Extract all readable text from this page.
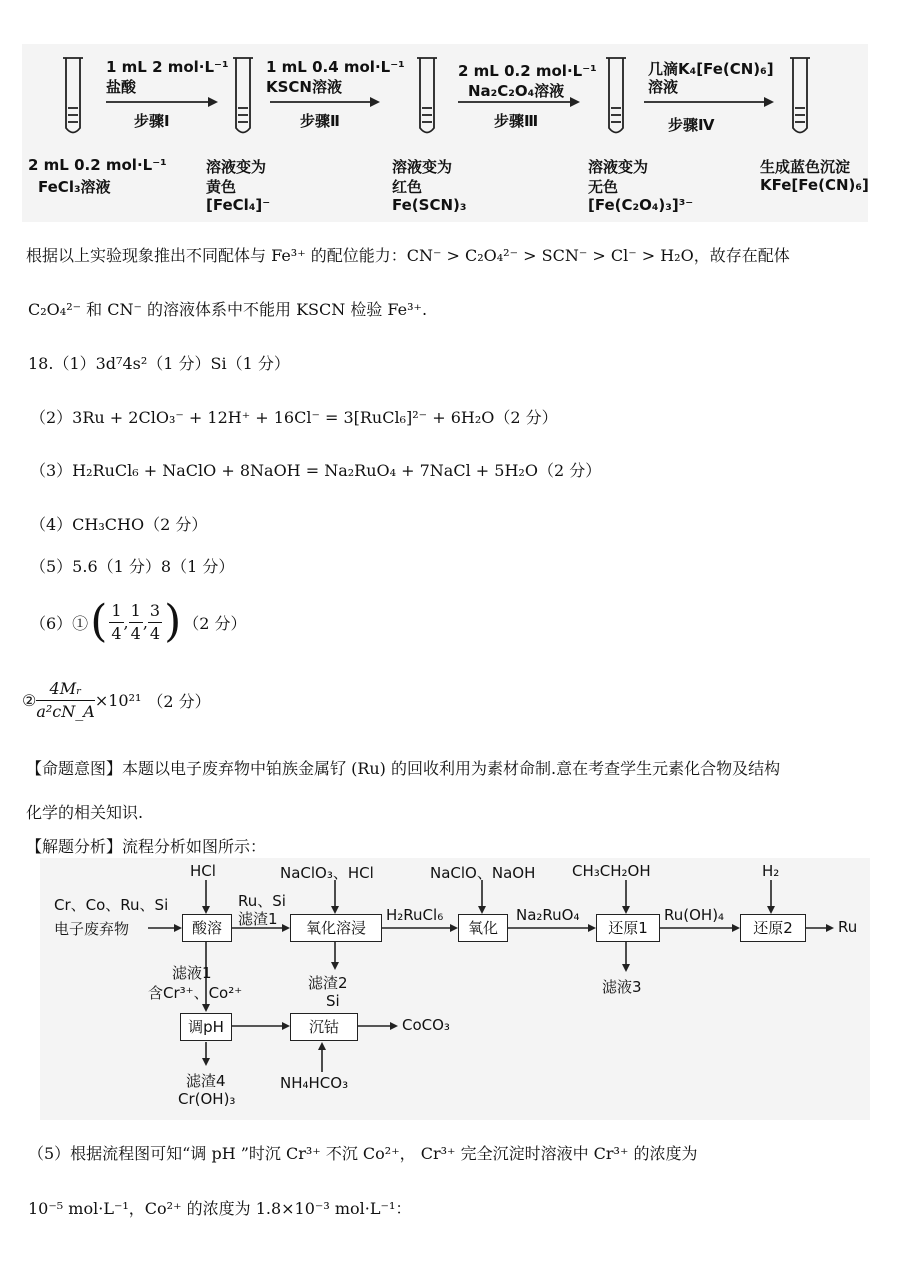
1 mL 2 mol·L⁻¹
盐酸
步骤Ⅰ
1 mL 0.4 mol·L⁻¹
KSCN溶液
步骤Ⅱ
2 mL 0.2 mol·L⁻¹
Na₂C₂O₄溶液
步骤Ⅲ
几滴K₄[Fe(CN)₆]
溶液
步骤Ⅳ
2 mL 0.2 mol·L⁻¹
FeCl₃溶液
溶液变为
黄色
[FeCl₄]⁻
溶液变为
红色
Fe(SCN)₃
溶液变为
无色
[Fe(C₂O₄)₃]³⁻
生成蓝色沉淀
KFe[Fe(CN)₆]
根据以上实验现象推出不同配体与 Fe³⁺ 的配位能力：CN⁻ > C₂O₄²⁻ > SCN⁻ > Cl⁻ > H₂O，故存在配体
C₂O₄²⁻ 和 CN⁻ 的溶液体系中不能用 KSCN 检验 Fe³⁺.
18.（1）3d⁷4s²（1 分）Si（1 分）
（2）3Ru + 2ClO₃⁻ + 12H⁺ + 16Cl⁻ = 3[RuCl₆]²⁻ + 6H₂O（2 分）
（3）H₂RuCl₆ + NaClO + 8NaOH = Na₂RuO₄ + 7NaCl + 5H₂O（2 分）
（4）CH₃CHO（2 分）
（5）5.6（1 分）8（1 分）
（6）① ( $\frac{1}{4}$ , $\frac{1}{4}$ , $\frac{3}{4}$ ) （2 分）
② $\frac{\text{4Mᵣ}}{\text{a²cN\_A}} \times 10^{21}$ （2 分）
【命题意图】本题以电子废弃物中铂族金属钌 (Ru) 的回收利用为素材命制.意在考查学生元素化合物及结构
化学的相关知识.
【解题分析】流程分析如图所示：
Cr、Co、Ru、Si
电子废弃物
HCl
酸溶
Ru、Si
滤渣1
NaClO₃、HCl
氧化溶浸
H₂RuCl₆
NaClO、NaOH
氧化
Na₂RuO₄
CH₃CH₂OH
还原1
Ru(OH)₄
H₂
还原2	Ru
滤液1
含Cr³⁺、Co²⁺
滤渣2
Si
滤液3
调pH	沉钴	CoCO₃
NH₄HCO₃
滤渣4
Cr(OH)₃
（5）根据流程图可知“调 pH ”时沉 Cr³⁺ 不沉 Co²⁺， Cr³⁺ 完全沉淀时溶液中 Cr³⁺ 的浓度为
10⁻⁵ mol·L⁻¹，Co²⁺ 的浓度为 1.8×10⁻³ mol·L⁻¹：
